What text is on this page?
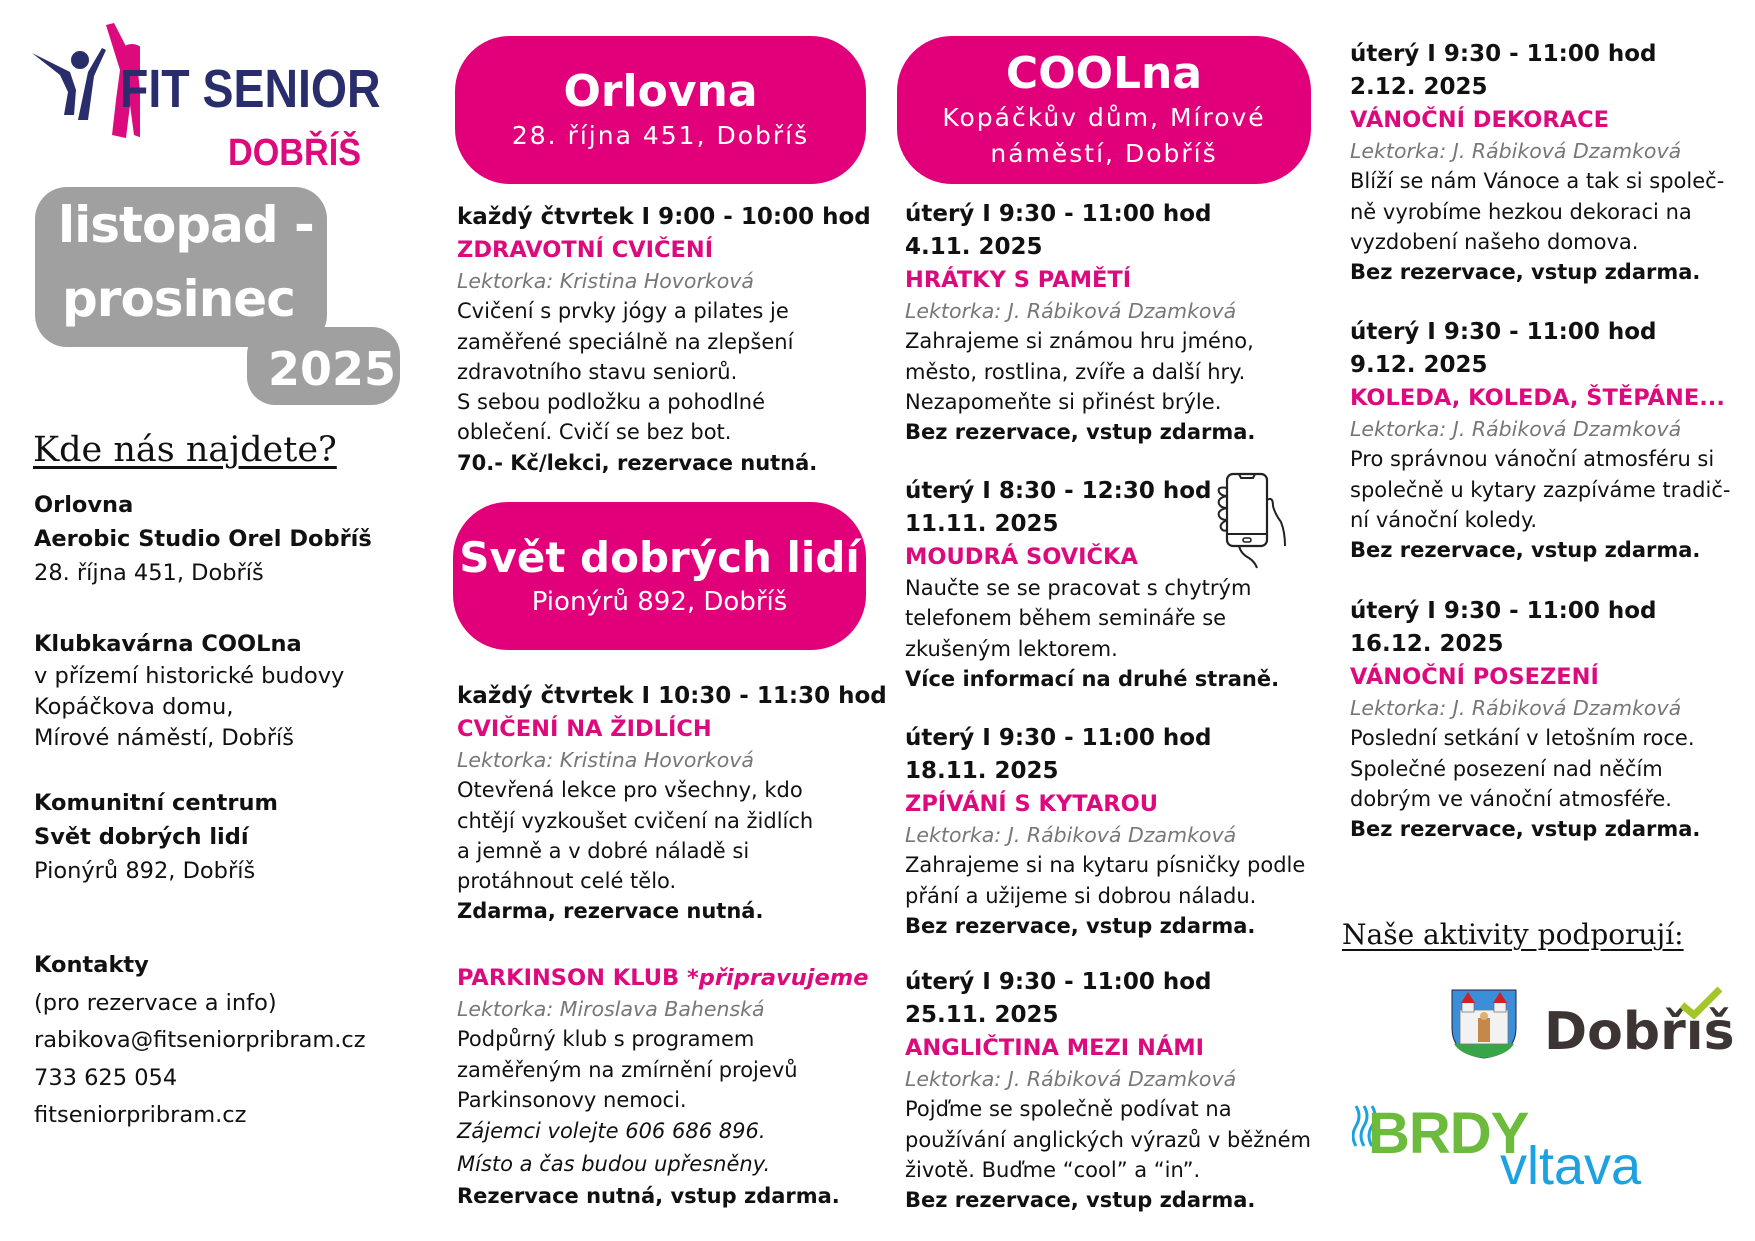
FIT SENIOR
DOBŘÍŠ
listopad -
prosinec
2025
Kde nás najdete?
Orlovna
Aerobic Studio Orel Dobříš
28. října 451, Dobříš
Klubkavárna COOLna
v přízemí historické budovy
Kopáčkova domu,
Mírové náměstí, Dobříš
Komunitní centrum
Svět dobrých lidí
Pionýrů 892, Dobříš
Kontakty
(pro rezervace a info)
rabikova@fitseniorpribram.cz
733 625 054
fitseniorpribram.cz
Orlovna
28. října 451, Dobříš
každý čtvrtek I 9:00 - 10:00 hod
ZDRAVOTNÍ CVIČENÍ
Lektorka: Kristina Hovorková
Cvičení s prvky jógy a pilates je
zaměřené speciálně na zlepšení
zdravotního stavu seniorů.
S sebou podložku a pohodlné
oblečení. Cvičí se bez bot.
70.- Kč/lekci, rezervace nutná.
Svět dobrých lidí
Pionýrů 892, Dobříš
každý čtvrtek I 10:30 - 11:30 hod
CVIČENÍ NA ŽIDLÍCH
Lektorka: Kristina Hovorková
Otevřená lekce pro všechny, kdo
chtějí vyzkoušet cvičení na židlích
a jemně a v dobré náladě si
protáhnout celé tělo.
Zdarma, rezervace nutná.
PARKINSON KLUB *připravujeme
Lektorka: Miroslava Bahenská
Podpůrný klub s programem
zaměřeným na zmírnění projevů
Parkinsonovy nemoci.
Zájemci volejte 606 686 896.
Místo a čas budou upřesněny.
Rezervace nutná, vstup zdarma.
COOLna
Kopáčkův dům, Mírové
náměstí, Dobříš
úterý I 9:30 - 11:00 hod
4.11. 2025
HRÁTKY S PAMĚTÍ
Lektorka: J. Rábiková Dzamková
Zahrajeme si známou hru jméno,
město, rostlina, zvíře a další hry.
Nezapomeňte si přinést brýle.
Bez rezervace, vstup zdarma.
úterý I 8:30 - 12:30 hod
11.11. 2025
MOUDRÁ SOVIČKA
Naučte se se pracovat s chytrým
telefonem během semináře se
zkušeným lektorem.
Více informací na druhé straně.
úterý I 9:30 - 11:00 hod
18.11. 2025
ZPÍVÁNÍ S KYTAROU
Lektorka: J. Rábiková Dzamková
Zahrajeme si na kytaru písničky podle
přání a užijeme si dobrou náladu.
Bez rezervace, vstup zdarma.
úterý I 9:30 - 11:00 hod
25.11. 2025
ANGLIČTINA MEZI NÁMI
Lektorka: J. Rábiková Dzamková
Pojďme se společně podívat na
používání anglických výrazů v běžném
životě. Buďme “cool” a “in”.
Bez rezervace, vstup zdarma.
úterý I 9:30 - 11:00 hod
2.12. 2025
VÁNOČNÍ DEKORACE
Lektorka: J. Rábiková Dzamková
Blíží se nám Vánoce a tak si společ-
ně vyrobíme hezkou dekoraci na
vyzdobení našeho domova.
Bez rezervace, vstup zdarma.
úterý I 9:30 - 11:00 hod
9.12. 2025
KOLEDA, KOLEDA, ŠTĚPÁNE...
Lektorka: J. Rábiková Dzamková
Pro správnou vánoční atmosféru si
společně u kytary zazpíváme tradič-
ní vánoční koledy.
Bez rezervace, vstup zdarma.
úterý I 9:30 - 11:00 hod
16.12. 2025
VÁNOČNÍ POSEZENÍ
Lektorka: J. Rábiková Dzamková
Poslední setkání v letošním roce.
Společné posezení nad něčím
dobrým ve vánoční atmosféře.
Bez rezervace, vstup zdarma.
Naše aktivity podporují:
Dobříš
BRDY
vltava
